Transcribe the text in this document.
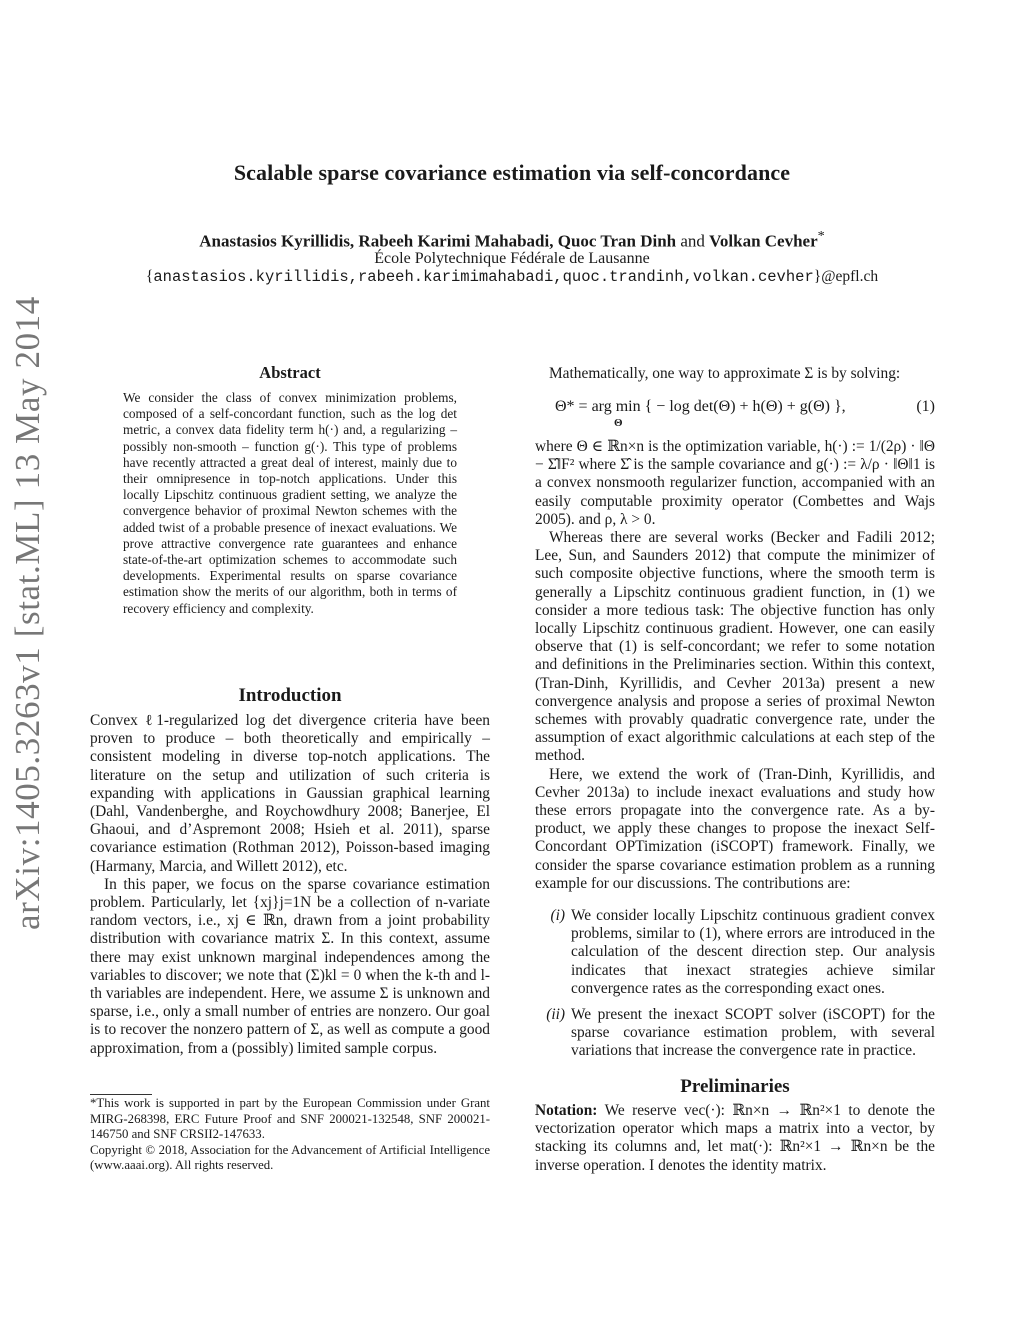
Scalable sparse covariance estimation via self-concordance
Anastasios Kyrillidis, Rabeeh Karimi Mahabadi, Quoc Tran Dinh and Volkan Cevher*
École Polytechnique Fédérale de Lausanne
{anastasios.kyrillidis,rabeeh.karimimahabadi,quoc.trandinh,volkan.cevher}@epfl.ch
arXiv:1405.3263v1 [stat.ML] 13 May 2014	Abstract
We consider the class of convex minimization problems, composed of a self-concordant function, such as the log det metric, a convex data fidelity term h(·) and, a regularizing – possibly non-smooth – function g(·). This type of problems have recently attracted a great deal of interest, mainly due to their omnipresence in top-notch applications. Under this locally Lipschitz continuous gradient setting, we analyze the convergence behavior of proximal Newton schemes with the added twist of a probable presence of inexact evaluations. We prove attractive convergence rate guarantees and enhance state-of-the-art optimization schemes to accommodate such developments. Experimental results on sparse covariance estimation show the merits of our algorithm, both in terms of recovery efficiency and complexity.
Introduction

Convex ℓ1-regularized log det divergence criteria have been proven to produce – both theoretically and empirically – consistent modeling in diverse top-notch applications. The literature on the setup and utilization of such criteria is expanding with applications in Gaussian graphical learning (Dahl, Vandenberghe, and Roychowdhury 2008; Banerjee, El Ghaoui, and d’Aspremont 2008; Hsieh et al. 2011), sparse covariance estimation (Rothman 2012), Poisson-based imaging (Harmany, Marcia, and Willett 2012), etc.

In this paper, we focus on the sparse covariance estimation problem. Particularly, let {xj}j=1N be a collection of n-variate random vectors, i.e., xj ∈ ℝn, drawn from a joint probability distribution with covariance matrix Σ. In this context, assume there may exist unknown marginal independences among the variables to discover; we note that (Σ)kl = 0 when the k-th and l-th variables are independent. Here, we assume Σ is unknown and sparse, i.e., only a small number of entries are nonzero. Our goal is to recover the nonzero pattern of Σ, as well as compute a good approximation, from a (possibly) limited sample corpus.

*This work is supported in part by the European Commission under Grant MIRG-268398, ERC Future Proof and SNF 200021-132548, SNF 200021-146750 and SNF CRSII2-147633.
Copyright © 2018, Association for the Advancement of Artificial Intelligence (www.aaai.org). All rights reserved.

Mathematically, one way to approximate Σ is by solving:

Θ* = arg min { − log det(Θ) + h(Θ) + g(Θ) },
Θ
(1)

where Θ ∈ ℝn×n is the optimization variable, h(·) := 1/(2ρ) · ‖Θ − Σ̂‖F² where Σ̂ is the sample covariance and g(·) := λ/ρ · ‖Θ‖1 is a convex nonsmooth regularizer function, accompanied with an easily computable proximity operator (Combettes and Wajs 2005). and ρ, λ > 0.

Whereas there are several works (Becker and Fadili 2012; Lee, Sun, and Saunders 2012) that compute the minimizer of such composite objective functions, where the smooth term is generally a Lipschitz continuous gradient function, in (1) we consider a more tedious task: The objective function has only locally Lipschitz continuous gradient. However, one can easily observe that (1) is self-concordant; we refer to some notation and definitions in the Preliminaries section. Within this context, (Tran-Dinh, Kyrillidis, and Cevher 2013a) present a new convergence analysis and propose a series of proximal Newton schemes with provably quadratic convergence rate, under the assumption of exact algorithmic calculations at each step of the method.

Here, we extend the work of (Tran-Dinh, Kyrillidis, and Cevher 2013a) to include inexact evaluations and study how these errors propagate into the convergence rate. As a by-product, we apply these changes to propose the inexact Self-Concordant OPTimization (iSCOPT) framework. Finally, we consider the sparse covariance estimation problem as a running example for our discussions. The contributions are:

(i) We consider locally Lipschitz continuous gradient convex problems, similar to (1), where errors are introduced in the calculation of the descent direction step. Our analysis indicates that inexact strategies achieve similar convergence rates as the corresponding exact ones.
(ii) We present the inexact SCOPT solver (iSCOPT) for the sparse covariance estimation problem, with several variations that increase the convergence rate in practice.
Preliminaries
Notation: We reserve vec(·): ℝn×n → ℝn²×1 to denote the vectorization operator which maps a matrix into a vector, by stacking its columns and, let mat(·): ℝn²×1 → ℝn×n be the inverse operation. I denotes the identity matrix.
